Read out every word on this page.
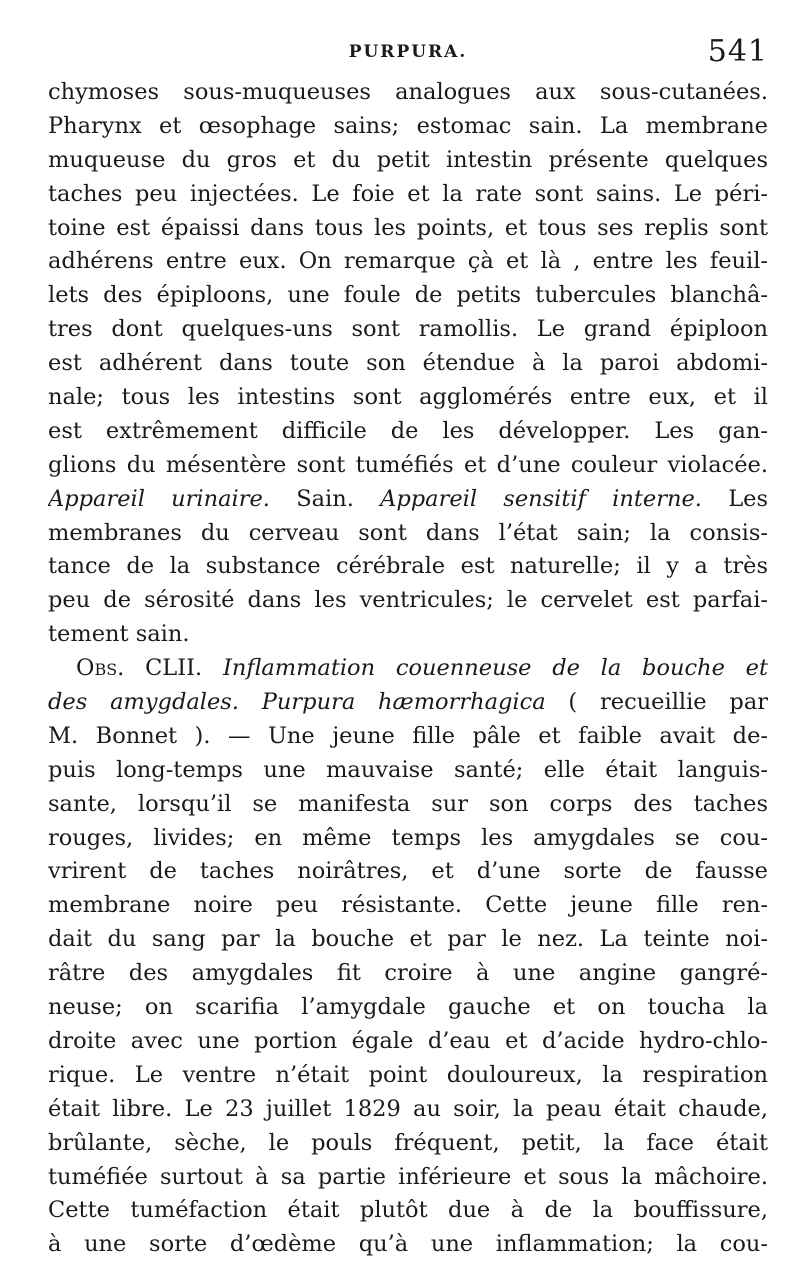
PURPURA.	541
chymoses sous-muqueuses analogues aux sous-cutanées.
Pharynx et œsophage sains; estomac sain. La membrane
muqueuse du gros et du petit intestin présente quelques
taches peu injectées. Le foie et la rate sont sains. Le péri-
toine est épaissi dans tous les points, et tous ses replis sont
adhérens entre eux. On remarque çà et là , entre les feuil-
lets des épiploons, une foule de petits tubercules blanchâ-
tres dont quelques-uns sont ramollis. Le grand épiploon
est adhérent dans toute son étendue à la paroi abdomi-
nale; tous les intestins sont agglomérés entre eux, et il
est extrêmement difficile de les développer. Les gan-
glions du mésentère sont tuméfiés et d’une couleur violacée.
Appareil urinaire. Sain. Appareil sensitif interne. Les
membranes du cerveau sont dans l’état sain; la consis-
tance de la substance cérébrale est naturelle; il y a très
peu de sérosité dans les ventricules; le cervelet est parfai-
tement sain.
Obs. CLII. Inflammation couenneuse de la bouche et
des amygdales. Purpura hæmorrhagica ( recueillie par
M. Bonnet ). — Une jeune fille pâle et faible avait de-
puis long-temps une mauvaise santé; elle était languis-
sante, lorsqu’il se manifesta sur son corps des taches
rouges, livides; en même temps les amygdales se cou-
vrirent de taches noirâtres, et d’une sorte de fausse
membrane noire peu résistante. Cette jeune fille ren-
dait du sang par la bouche et par le nez. La teinte noi-
râtre des amygdales fit croire à une angine gangré-
neuse; on scarifia l’amygdale gauche et on toucha la
droite avec une portion égale d’eau et d’acide hydro-chlo-
rique. Le ventre n’était point douloureux, la respiration
était libre. Le 23 juillet 1829 au soir, la peau était chaude,
brûlante, sèche, le pouls fréquent, petit, la face était
tuméfiée surtout à sa partie inférieure et sous la mâchoire.
Cette tuméfaction était plutôt due à de la bouffissure,
à une sorte d’œdème qu’à une inflammation; la cou-
